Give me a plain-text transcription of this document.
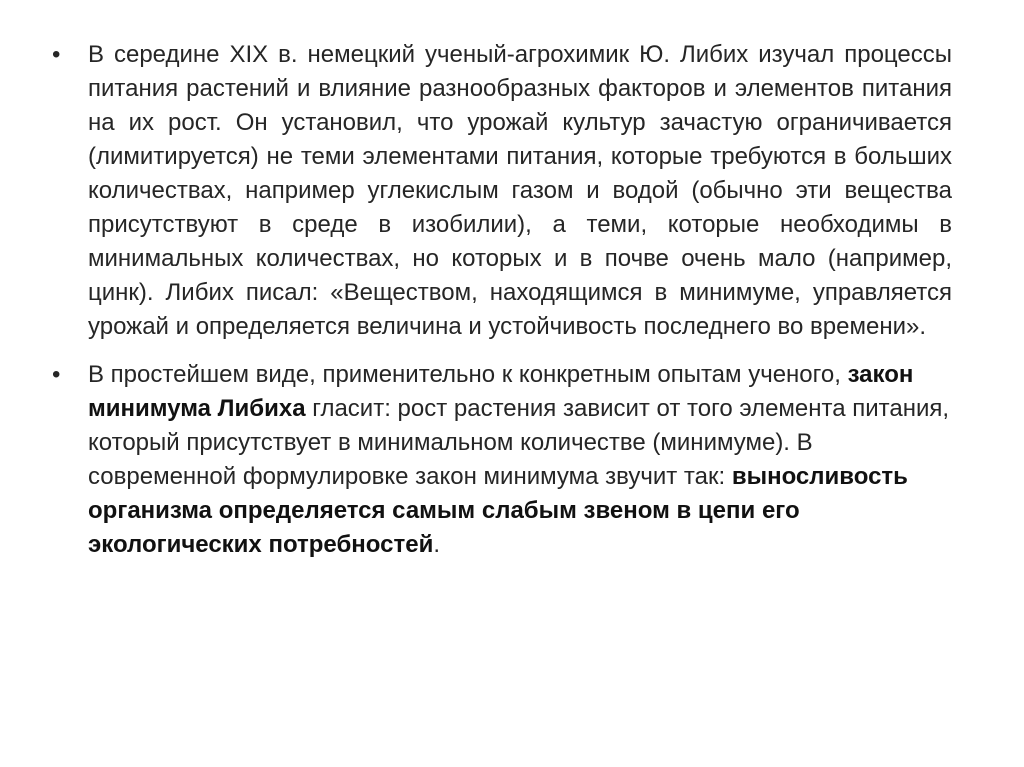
• В середине XIX в. немецкий ученый-агрохимик Ю. Либих изучал процессы питания растений и влияние разнообразных факторов и элементов питания на их рост. Он установил, что урожай культур зачастую ограничивается (лимитируется) не теми элементами питания, которые требуются в больших количествах, например углекислым газом и водой (обычно эти вещества присутствуют в среде в изобилии), а теми, которые необходимы в минимальных количествах, но которых и в почве очень мало (например, цинк). Либих писал: «Веществом, находящимся в минимуме, управляется урожай и определяется величина и устойчивость последнего во времени».
• В простейшем виде, применительно к конкретным опытам ученого, закон минимума Либиха гласит: рост растения зависит от того элемента питания, который присутствует в минимальном количестве (минимуме). В современной формулировке закон минимума звучит так: выносливость организма определяется самым слабым звеном в цепи его экологических потребностей.
